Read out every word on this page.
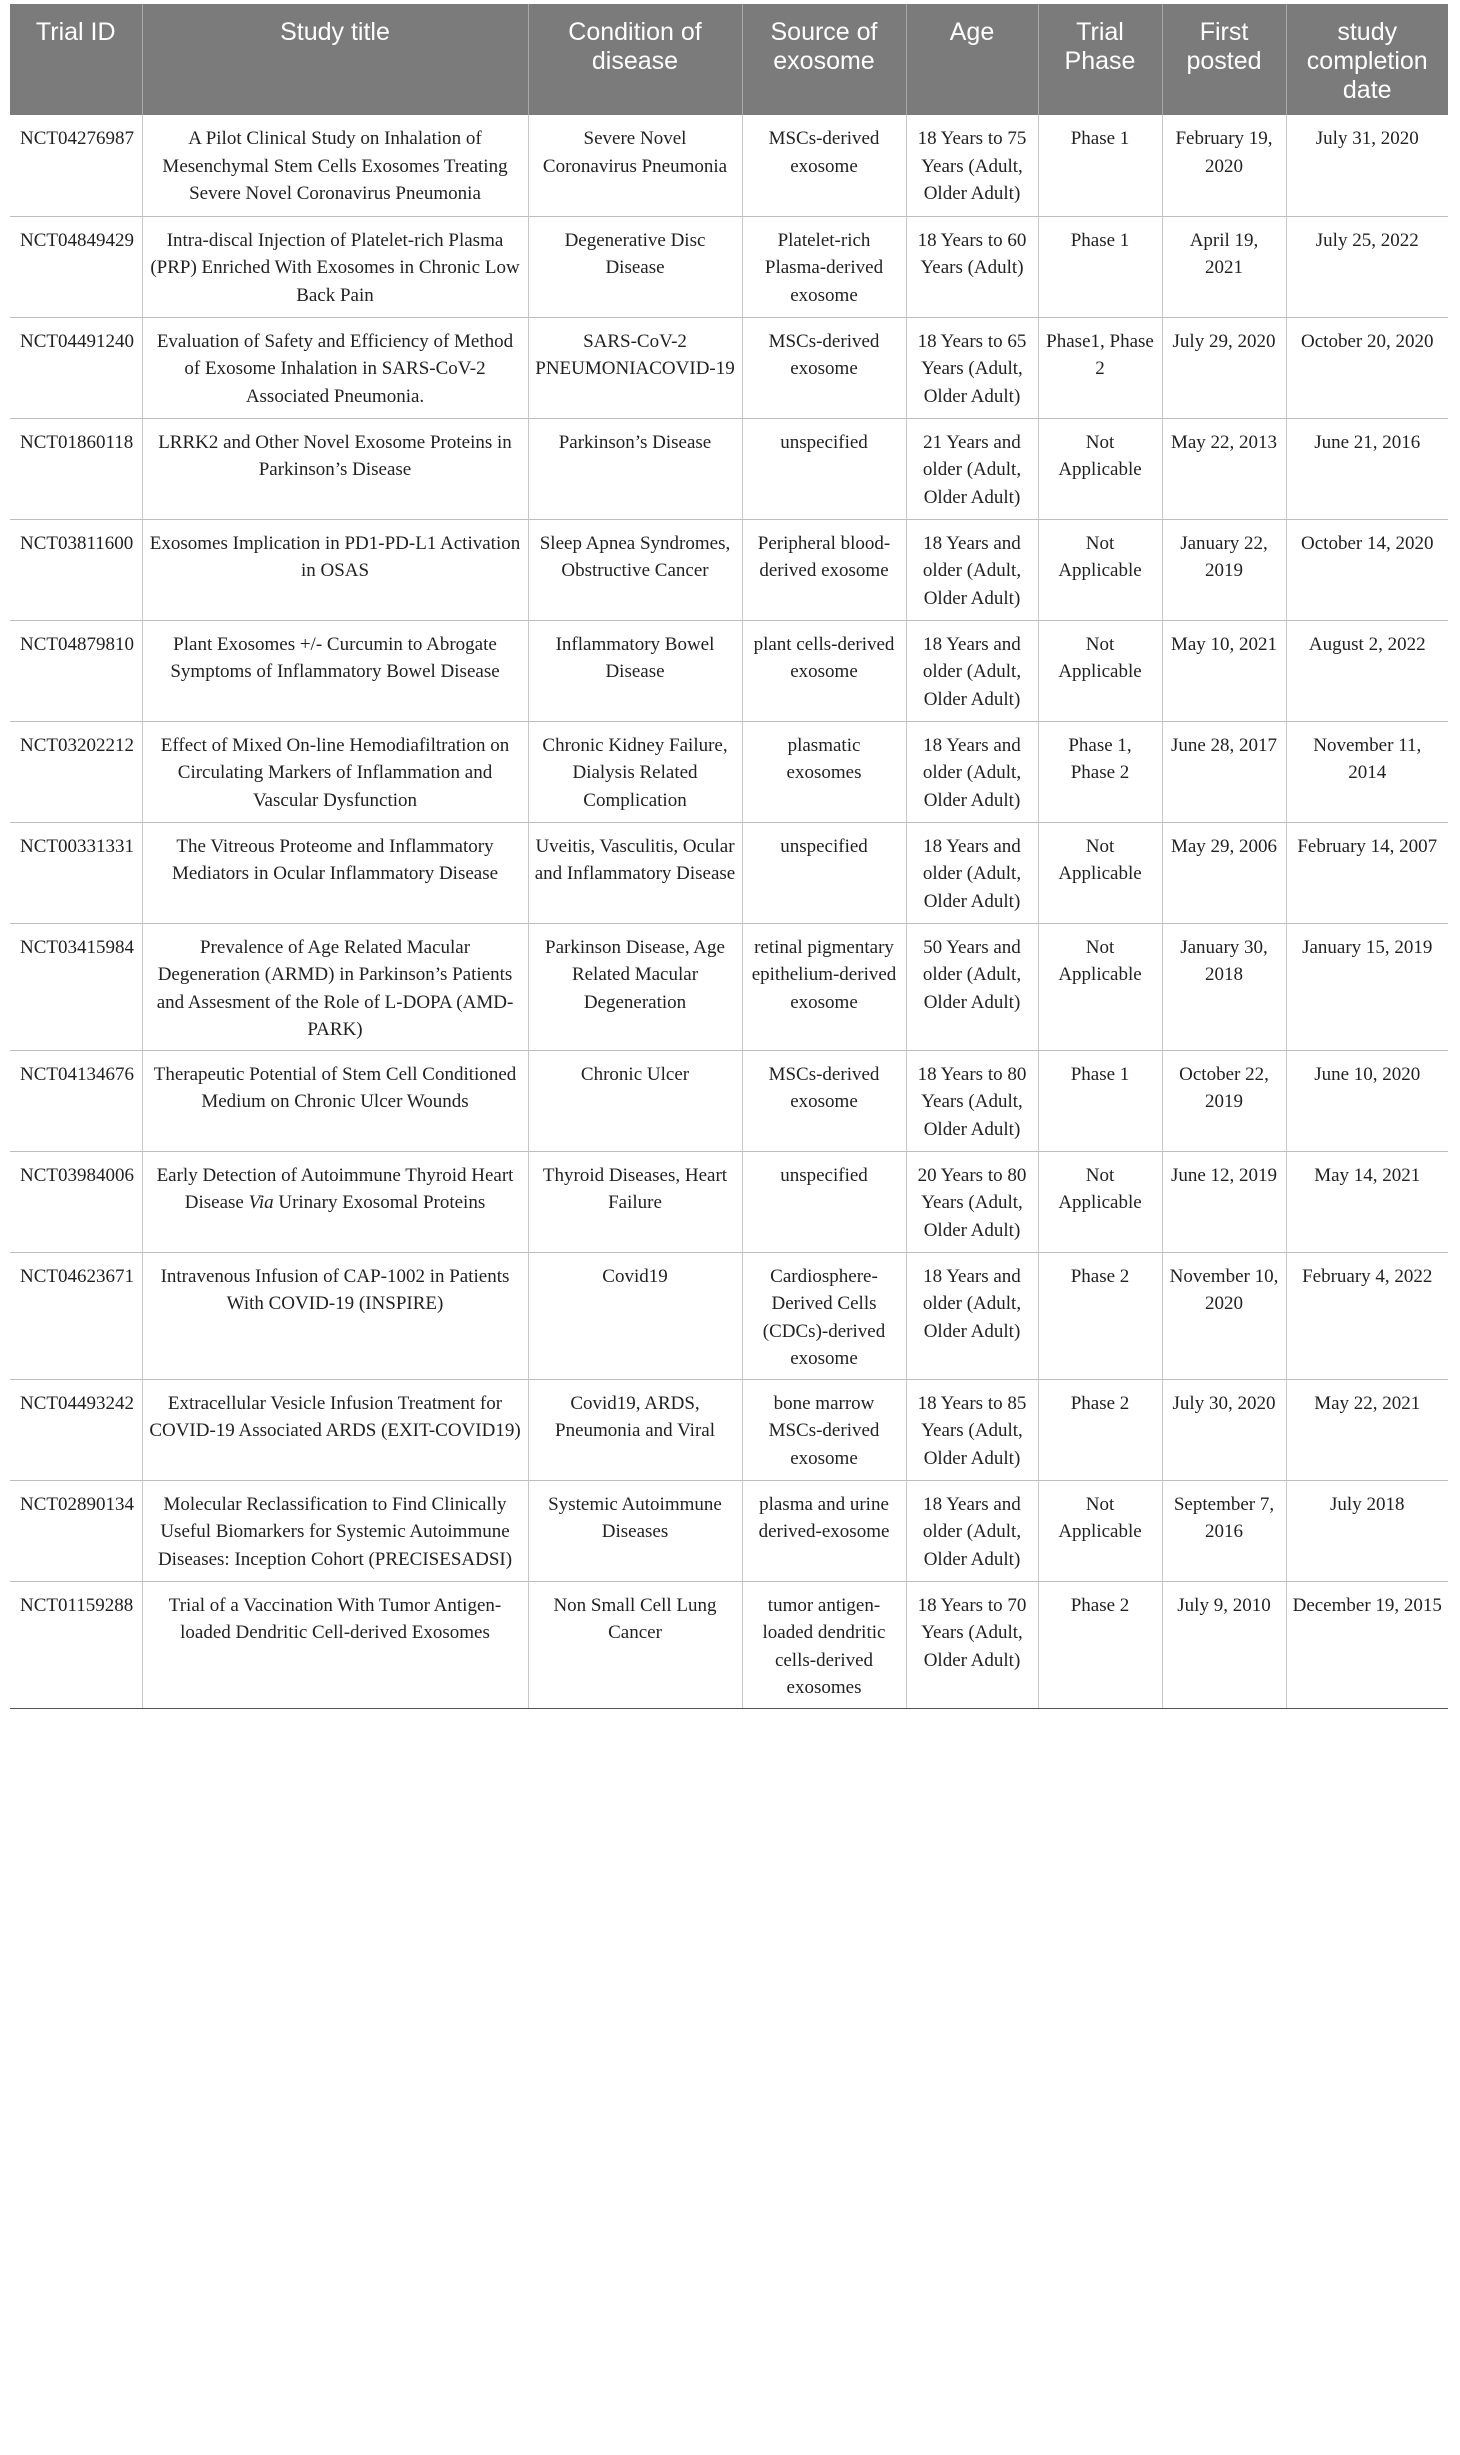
Trial ID	Study title	Condition of disease	Source of exosome	Age	Trial Phase	First posted	study completion date
NCT04276987	A Pilot Clinical Study on Inhalation of Mesenchymal Stem Cells Exosomes Treating Severe Novel Coronavirus Pneumonia	Severe Novel Coronavirus Pneumonia	MSCs-derived exosome	18 Years to 75 Years (Adult, Older Adult)	Phase 1	February 19, 2020	July 31, 2020
NCT04849429	Intra-discal Injection of Platelet-rich Plasma (PRP) Enriched With Exosomes in Chronic Low Back Pain	Degenerative Disc Disease	Platelet-rich Plasma-derived exosome	18 Years to 60 Years (Adult)	Phase 1	April 19, 2021	July 25, 2022
NCT04491240	Evaluation of Safety and Efficiency of Method of Exosome Inhalation in SARS-CoV-2 Associated Pneumonia.	SARS-CoV-2 PNEUMONIACOVID-19	MSCs-derived exosome	18 Years to 65 Years (Adult, Older Adult)	Phase1, Phase 2	July 29, 2020	October 20, 2020
NCT01860118	LRRK2 and Other Novel Exosome Proteins in Parkinson’s Disease	Parkinson’s Disease	unspecified	21 Years and older (Adult, Older Adult)	Not Applicable	May 22, 2013	June 21, 2016
NCT03811600	Exosomes Implication in PD1-PD-L1 Activation in OSAS	Sleep Apnea Syndromes, Obstructive Cancer	Peripheral blood-derived exosome	18 Years and older (Adult, Older Adult)	Not Applicable	January 22, 2019	October 14, 2020
NCT04879810	Plant Exosomes +/- Curcumin to Abrogate Symptoms of Inflammatory Bowel Disease	Inflammatory Bowel Disease	plant cells-derived exosome	18 Years and older (Adult, Older Adult)	Not Applicable	May 10, 2021	August 2, 2022
NCT03202212	Effect of Mixed On-line Hemodiafiltration on Circulating Markers of Inflammation and Vascular Dysfunction	Chronic Kidney Failure, Dialysis Related Complication	plasmatic exosomes	18 Years and older (Adult, Older Adult)	Phase 1, Phase 2	June 28, 2017	November 11, 2014
NCT00331331	The Vitreous Proteome and Inflammatory Mediators in Ocular Inflammatory Disease	Uveitis, Vasculitis, Ocular and Inflammatory Disease	unspecified	18 Years and older (Adult, Older Adult)	Not Applicable	May 29, 2006	February 14, 2007
NCT03415984	Prevalence of Age Related Macular Degeneration (ARMD) in Parkinson’s Patients and Assesment of the Role of L-DOPA (AMD-PARK)	Parkinson Disease, Age Related Macular Degeneration	retinal pigmentary epithelium-derived exosome	50 Years and older (Adult, Older Adult)	Not Applicable	January 30, 2018	January 15, 2019
NCT04134676	Therapeutic Potential of Stem Cell Conditioned Medium on Chronic Ulcer Wounds	Chronic Ulcer	MSCs-derived exosome	18 Years to 80 Years (Adult, Older Adult)	Phase 1	October 22, 2019	June 10, 2020
NCT03984006	Early Detection of Autoimmune Thyroid Heart Disease Via Urinary Exosomal Proteins	Thyroid Diseases, Heart Failure	unspecified	20 Years to 80 Years (Adult, Older Adult)	Not Applicable	June 12, 2019	May 14, 2021
NCT04623671	Intravenous Infusion of CAP-1002 in Patients With COVID-19 (INSPIRE)	Covid19	Cardiosphere-Derived Cells (CDCs)-derived exosome	18 Years and older (Adult, Older Adult)	Phase 2	November 10, 2020	February 4, 2022
NCT04493242	Extracellular Vesicle Infusion Treatment for COVID-19 Associated ARDS (EXIT-COVID19)	Covid19, ARDS, Pneumonia and Viral	bone marrow MSCs-derived exosome	18 Years to 85 Years (Adult, Older Adult)	Phase 2	July 30, 2020	May 22, 2021
NCT02890134	Molecular Reclassification to Find Clinically Useful Biomarkers for Systemic Autoimmune Diseases: Inception Cohort (PRECISESADSI)	Systemic Autoimmune Diseases	plasma and urine derived-exosome	18 Years and older (Adult, Older Adult)	Not Applicable	September 7, 2016	July 2018
NCT01159288	Trial of a Vaccination With Tumor Antigen-loaded Dendritic Cell-derived Exosomes	Non Small Cell Lung Cancer	tumor antigen-loaded dendritic cells-derived exosomes	18 Years to 70 Years (Adult, Older Adult)	Phase 2	July 9, 2010	December 19, 2015
